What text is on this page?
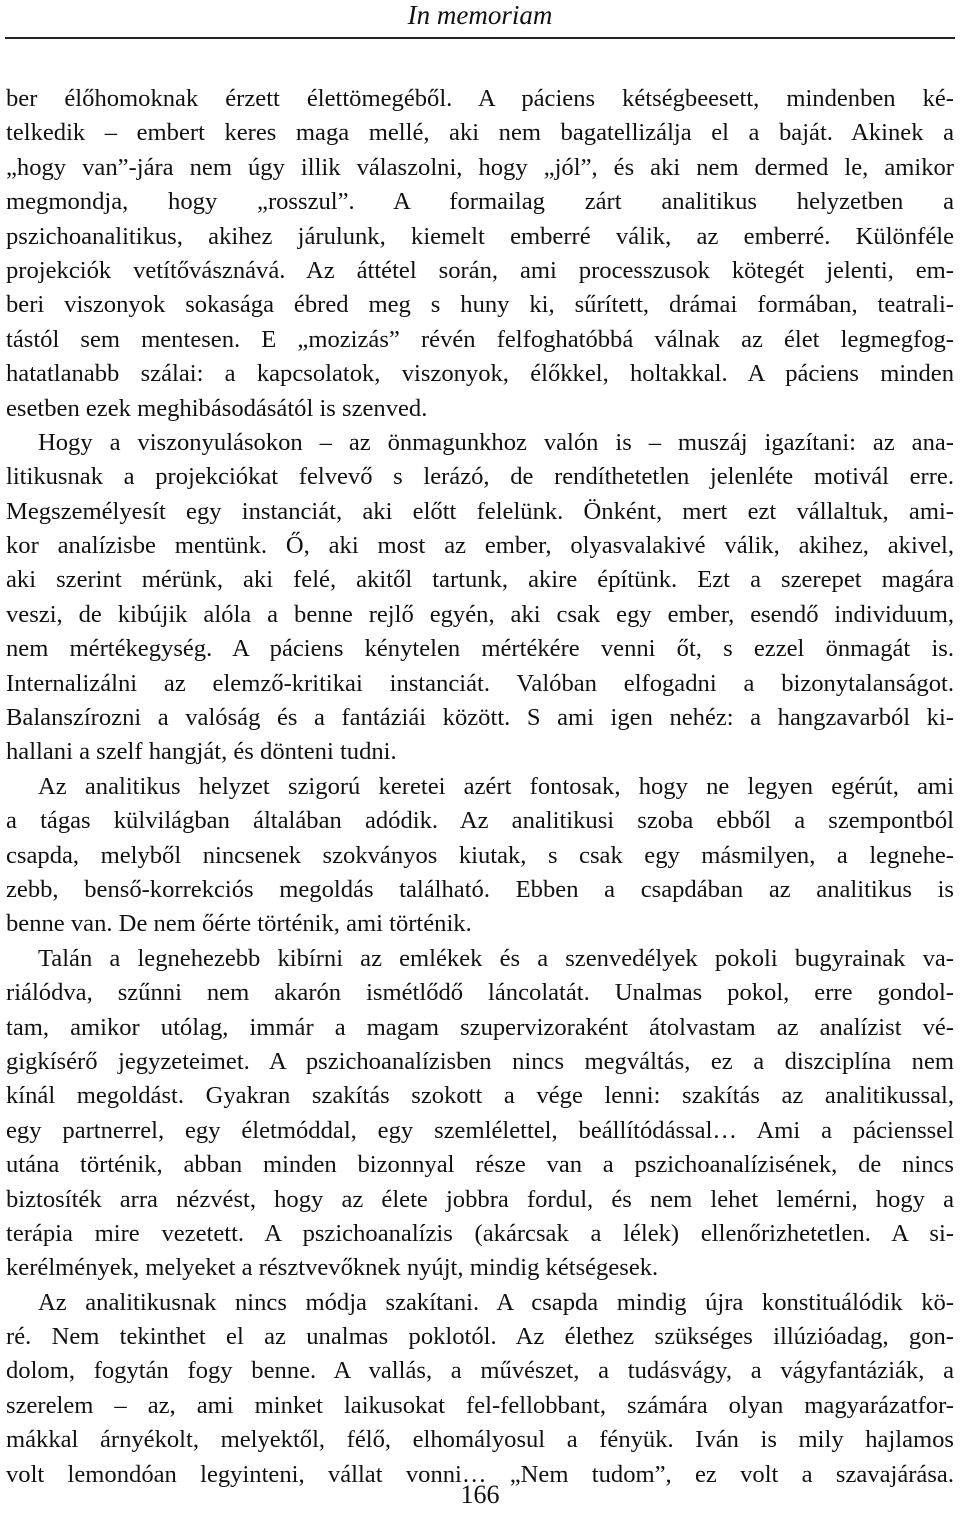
In memoriam
ber élőhomoknak érzett élettömegéből. A páciens kétségbeesett, mindenben ké-
telkedik – embert keres maga mellé, aki nem bagatellizálja el a baját. Akinek a
„hogy van”-jára nem úgy illik válaszolni, hogy „jól”, és aki nem dermed le, amikor
megmondja, hogy „rosszul”. A formailag zárt analitikus helyzetben a
pszichoanalitikus, akihez járulunk, kiemelt emberré válik, az emberré. Különféle
projekciók vetítővásznává. Az áttétel során, ami processzusok kötegét jelenti, em-
beri viszonyok sokasága ébred meg s huny ki, sűrített, drámai formában, teatrali-
tástól sem mentesen. E „mozizás” révén felfoghatóbbá válnak az élet legmegfog-
hatatlanabb szálai: a kapcsolatok, viszonyok, élőkkel, holtakkal. A páciens minden
esetben ezek meghibásodásától is szenved.
Hogy a viszonyulásokon – az önmagunkhoz valón is – muszáj igazítani: az ana-
litikusnak a projekciókat felvevő s lerázó, de rendíthetetlen jelenléte motivál erre.
Megszemélyesít egy instanciát, aki előtt felelünk. Önként, mert ezt vállaltuk, ami-
kor analízisbe mentünk. Ő, aki most az ember, olyasvalakivé válik, akihez, akivel,
aki szerint mérünk, aki felé, akitől tartunk, akire építünk. Ezt a szerepet magára
veszi, de kibújik alóla a benne rejlő egyén, aki csak egy ember, esendő individuum,
nem mértékegység. A páciens kénytelen mértékére venni őt, s ezzel önmagát is.
Internalizálni az elemző-kritikai instanciát. Valóban elfogadni a bizonytalanságot.
Balanszírozni a valóság és a fantáziái között. S ami igen nehéz: a hangzavarból ki-
hallani a szelf hangját, és dönteni tudni.
Az analitikus helyzet szigorú keretei azért fontosak, hogy ne legyen egérút, ami
a tágas külvilágban általában adódik. Az analitikusi szoba ebből a szempontból
csapda, melyből nincsenek szokványos kiutak, s csak egy másmilyen, a legnehe-
zebb, benső-korrekciós megoldás található. Ebben a csapdában az analitikus is
benne van. De nem őérte történik, ami történik.
Talán a legnehezebb kibírni az emlékek és a szenvedélyek pokoli bugyrainak va-
riálódva, szűnni nem akarón ismétlődő láncolatát. Unalmas pokol, erre gondol-
tam, amikor utólag, immár a magam szupervizoraként átolvastam az analízist vé-
gigkísérő jegyzeteimet. A pszichoanalízisben nincs megváltás, ez a diszciplína nem
kínál megoldást. Gyakran szakítás szokott a vége lenni: szakítás az analitikussal,
egy partnerrel, egy életmóddal, egy szemlélettel, beállítódással… Ami a pácienssel
utána történik, abban minden bizonnyal része van a pszichoanalízisének, de nincs
biztosíték arra nézvést, hogy az élete jobbra fordul, és nem lehet lemérni, hogy a
terápia mire vezetett. A pszichoanalízis (akárcsak a lélek) ellenőrizhetetlen. A si-
kerélmények, melyeket a résztvevőknek nyújt, mindig kétségesek.
Az analitikusnak nincs módja szakítani. A csapda mindig újra konstituálódik kö-
ré. Nem tekinthet el az unalmas poklotól. Az élethez szükséges illúzióadag, gon-
dolom, fogytán fogy benne. A vallás, a művészet, a tudásvágy, a vágyfantáziák, a
szerelem – az, ami minket laikusokat fel-fellobbant, számára olyan magyarázatfor-
mákkal árnyékolt, melyektől, félő, elhomályosul a fényük. Iván is mily hajlamos
volt lemondóan legyinteni, vállat vonni… „Nem tudom”, ez volt a szavajárása.
166
